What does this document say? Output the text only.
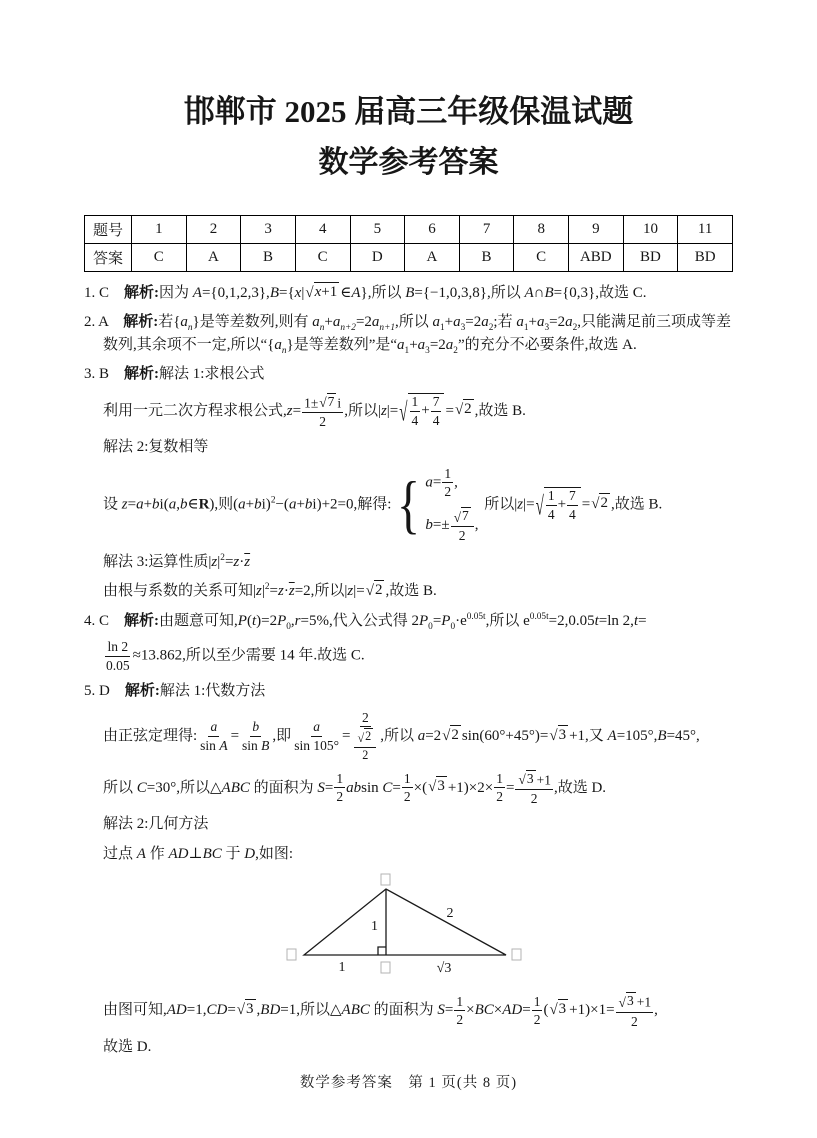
邯郸市 2025 届高三年级保温试题
数学参考答案
题号	1	2	3	4	5	6	7	8	9	10	11
答案	C	A	B	C	D	A	B	C	ABD	BD	BD
1. C　解析:因为 A={0,1,2,3},B={x| √ x+1 ∈A},所以 B={−1,0,3,8},所以 A∩B={0,3},故选 C.
2. A　解析:若$\{a_n\}$是等差数列,则有 $a_n+a_{n+2}=2a_{n+1}$,所以 $a_1+a_3=2a_2$;若 $a_1+a_3=2a_2$,只能满足前三项成等差数列,其余项不一定,所以“$\{a_n\}$是等差数列”是“$a_1+a_3=2a_2$”的充分不必要条件,故选 A.
3. B　解析:解法 1:求根公式
利用一元二次方程求根公式$,z= \frac{1\pm √ 7 i}{2}$ ,所以|z|= √ $\frac{1}{4} + \frac{7}{4}$ = √ 2 ,故选 B.
解法 2:复数相等
设 z=a+bi(a,b∈R),则$(a+bi)^2-(a+bi)+2=0$,解得: { $a= \frac{1}{2}$ ,
$b=\pm \frac{√ 7}{2}$ ,
所以|z|= √ $\frac{1}{4} + \frac{7}{4}$ = √ 2 ,故选 B.
解法 3:运算性质$|z|^2=z\cdot\overline{z}$
由根与系数的关系可知$|z|^2=z\cdot\overline{z}=2$,所以|z|= √ 2 ,故选 B.
4. C　解析:由题意可知$,P(t)=2P_0,r=5\%$,代入公式得 $2P_0=P_0\cdot e^{0.05t}$,所以 $e^{0.05t}=2,0.05t=\ln$ 2,t=
$\frac{\ln 2}{0.05} \approx 13.862$,所以至少需要 14 年.故选 C.
5. D　解析:解法 1:代数方法
由正弦定理得: $\frac{a}{\text{sin A}} = \frac{b}{\text{sin B}}$ ,即 $\frac{a}{\sin 105^\circ} = \frac{2}{\frac{√ 2}{2}}$ ,所以 a=2 √ 2 sin(60°+45°)= √ 3 +1,又 A=105°,B=45°,
所以 C=30°,所以△ABC 的面积为 $S= \frac{1}{2}$ absin $C= \frac{1}{2}$ ×( √ $3 +1)\times 2\times \frac{1}{2} = \frac{√ 3 +1}{2}$ ,故选 D.
解法 2:几何方法
过点 A 作 AD⊥BC 于 D,如图:
1
2
1	√3
由图可知,AD=1,CD= √ 3 ,BD=1,所以△ABC 的面积为 $S= \frac{1}{2} \times BC\times AD= \frac{1}{2}$ ( √ $3 +1)\times 1= \frac{√ 3 +1}{2}$ ,
故选 D.
数学参考答案　第 1 页(共 8 页)
